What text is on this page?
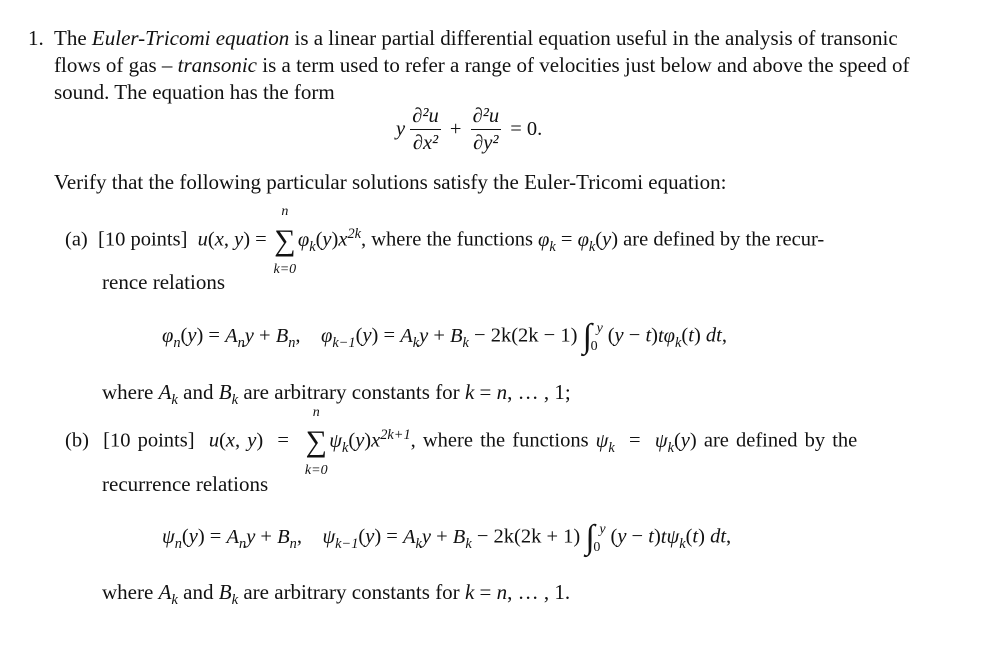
1. The Euler-Tricomi equation is a linear partial differential equation useful in the analysis of transonic
flows of gas – transonic is a term used to refer a range of velocities just below and above the speed of
sound. The equation has the form
y $\frac{\text{∂²u}}{\text{∂x²}} + \frac{\text{∂²u}}{\text{∂y²}} = 0$.
Verify that the following particular solutions satisfy the Euler-Tricomi equation:
(a) [10 points] u(x, y) = ∑
n
k=0
$\varphi_k(y)x^{2k}$, where the functions $\varphi_k = \varphi_k(y)$ are defined by the recur-
rence relations
$\varphi_n(y) = A_ny + B_n$,    $\varphi_{k-1}(y) = A_ky + B_k - 2k(2k - 1)$ ∫ y
0 $(y - t)t\varphi_k(t)$ dt,
where $A_k$ and $B_k$ are arbitrary constants for k = n, … , 1;
(b) [10 points] u(x, y)  = ∑
n
k=0
$\psi_k(y)x^{2k+1}$, where the functions $\psi_k = \psi_k(y)$ are defined by the
recurrence relations
$\psi_n(y) = A_ny + B_n$,    $\psi_{k-1}(y) = A_ky + B_k - 2k(2k + 1)$ ∫ y
0 $(y - t)t\psi_k(t)$ dt,
where $A_k$ and $B_k$ are arbitrary constants for k = n, … , 1.
